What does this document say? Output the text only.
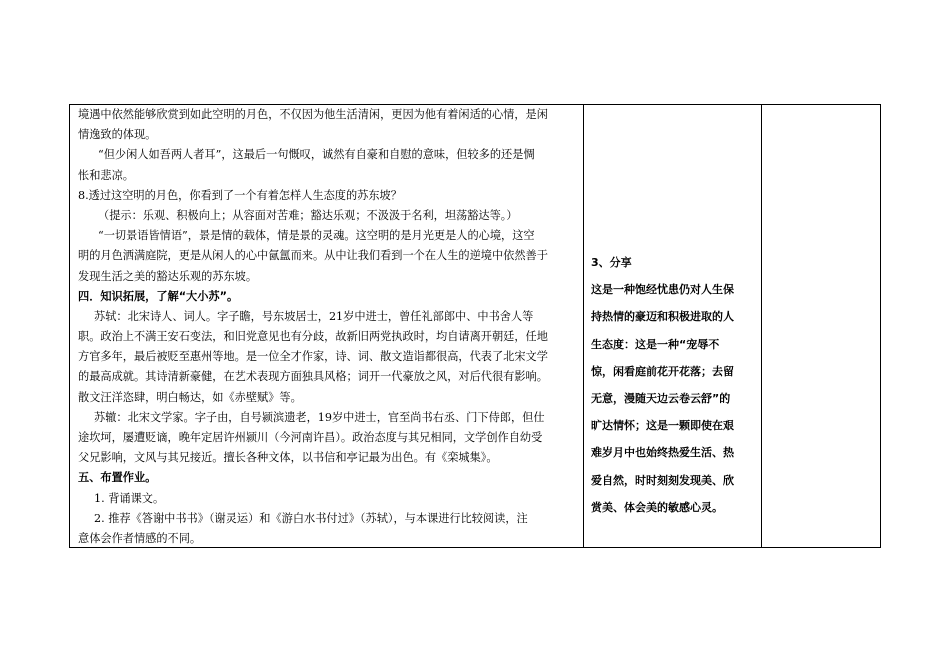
境遇中依然能够欣赏到如此空明的月色，不仅因为他生活清闲，更因为他有着闲适的心情，是闲
情逸致的体现。
“但少闲人如吾两人者耳”，这最后一句慨叹，诚然有自豪和自慰的意味，但较多的还是惆
怅和悲凉。
8.透过这空明的月色，你看到了一个有着怎样人生态度的苏东坡？
（提示：乐观、积极向上；从容面对苦难；豁达乐观；不汲汲于名利，坦荡豁达等。）
“一切景语皆情语”，景是情的载体，情是景的灵魂。这空明的是月光更是人的心境，这空
明的月色洒满庭院，更是从闲人的心中氤氲而来。从中让我们看到一个在人生的逆境中依然善于
发现生活之美的豁达乐观的苏东坡。
四．知识拓展，了解“大小苏”。
苏轼：北宋诗人、词人。字子瞻，号东坡居士，21岁中进士，曾任礼部郎中、中书舍人等
职。政治上不满王安石变法，和旧党意见也有分歧，故新旧两党执政时，均自请离开朝廷，任地
方官多年，最后被贬至惠州等地。是一位全才作家，诗、词、散文造诣都很高，代表了北宋文学
的最高成就。其诗清新豪健，在艺术表现方面独具风格；词开一代豪放之风，对后代很有影响。
散文汪洋恣肆，明白畅达，如《赤壁赋》等。
苏辙：北宋文学家。字子由，自号颍滨遗老，19岁中进士，官至尚书右丞、门下侍郎，但仕
途坎坷，屡遭贬谪，晚年定居许州颍川（今河南许昌）。政治态度与其兄相同，文学创作自幼受
父兄影响，文风与其兄接近。擅长各种文体，以书信和亭记最为出色。有《栾城集》。
五、布置作业。
1. 背诵课文。
2. 推荐《答谢中书书》（谢灵运）和《游白水书付过》（苏轼），与本课进行比较阅读，注
意体会作者情感的不同。
3、分享
这是一种饱经忧患仍对人生保
持热情的豪迈和积极进取的人
生态度：这是一种“宠辱不
惊，闲看庭前花开花落；去留
无意，漫随天边云卷云舒”的
旷达情怀；这是一颗即使在艰
难岁月中也始终热爱生活、热
爱自然，时时刻刻发现美、欣
赏美、体会美的敏感心灵。
